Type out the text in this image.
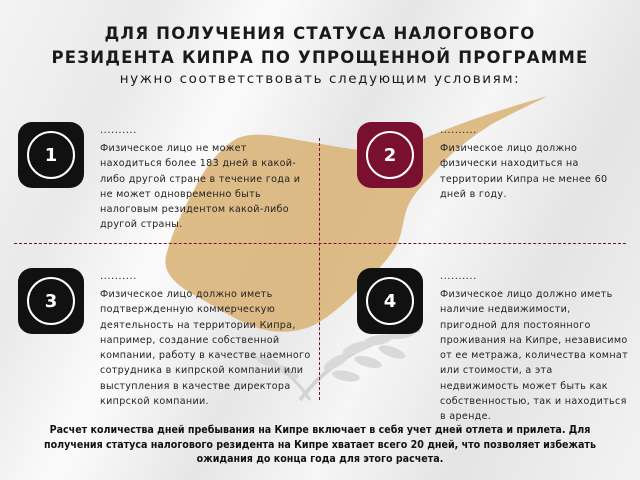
ДЛЯ ПОЛУЧЕНИЯ СТАТУСА НАЛОГОВОГО
РЕЗИДЕНТА КИПРА ПО УПРОЩЕННОЙ ПРОГРАММЕ
нужно соответствовать следующим условиям:
1
..........

Физическое лицо не может
находиться более 183 дней в какой-
либо другой стране в течение года и
не может одновременно быть
налоговым резидентом какой-либо
другой страны.

2
..........

Физическое лицо должно
физически находиться на
территории Кипра не менее 60
дней в году.

3
..........

Физическое лицо должно иметь
подтвержденную коммерческую
деятельность на территории Кипра,
например, создание собственной
компании, работу в качестве наемного
сотрудника в кипрской компании или
выступления в качестве директора
кипрской компании.

4
..........

Физическое лицо должно иметь
наличие недвижимости,
пригодной для постоянного
проживания на Кипре, независимо
от ее метража, количества комнат
или стоимости, а эта
недвижимость может быть как
собственностью, так и находиться
в аренде.

Расчет количества дней пребывания на Кипре включает в себя учет дней отлета и прилета. Для
получения статуса налогового резидента на Кипре хватает всего 20 дней, что позволяет избежать
ожидания до конца года для этого расчета.
